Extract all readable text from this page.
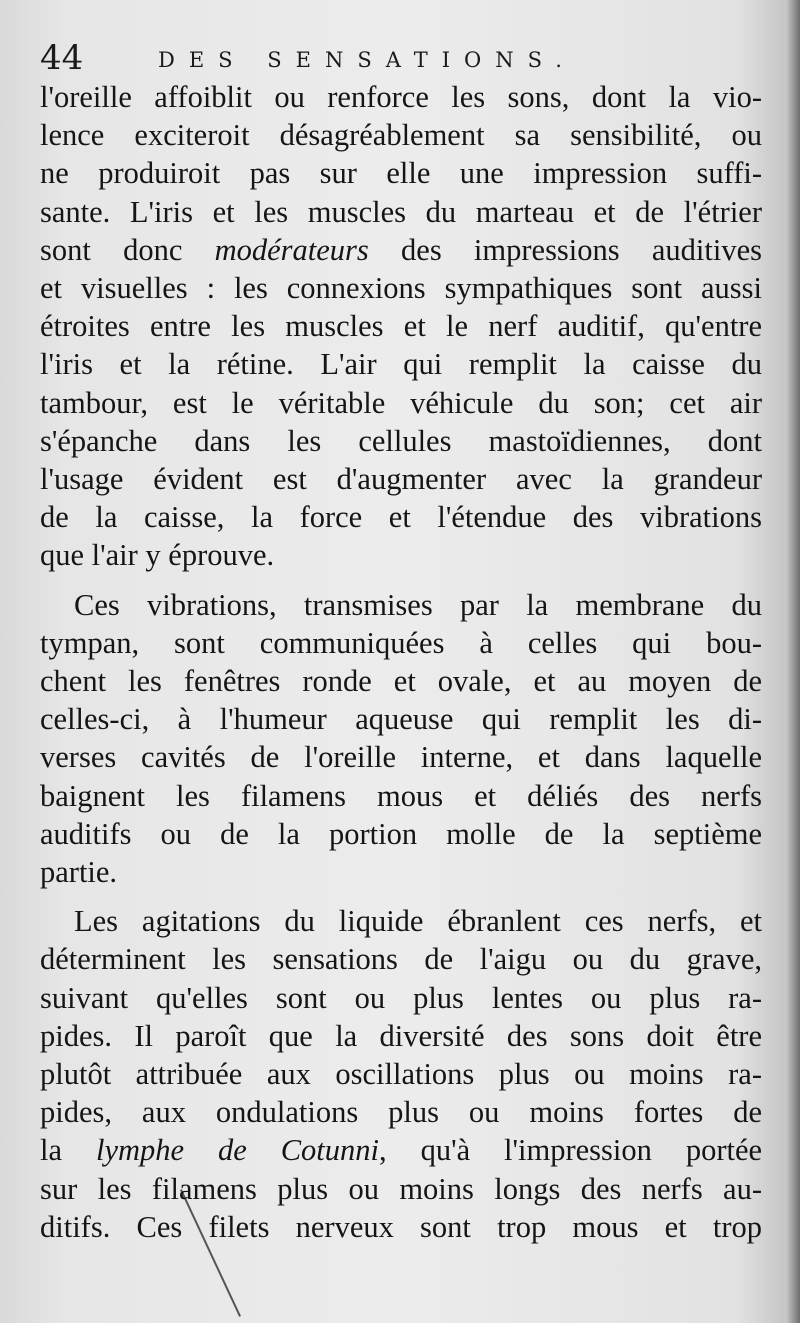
44	DES SENSATIONS.
l'oreille affoiblit ou renforce les sons, dont la vio-
lence exciteroit désagréablement sa sensibilité, ou
ne produiroit pas sur elle une impression suffi-
sante. L'iris et les muscles du marteau et de l'étrier
sont donc modérateurs des impressions auditives
et visuelles : les connexions sympathiques sont aussi
étroites entre les muscles et le nerf auditif, qu'entre
l'iris et la rétine. L'air qui remplit la caisse du
tambour, est le véritable véhicule du son; cet air
s'épanche dans les cellules mastoïdiennes, dont
l'usage évident est d'augmenter avec la grandeur
de la caisse, la force et l'étendue des vibrations
que l'air y éprouve.
Ces vibrations, transmises par la membrane du
tympan, sont communiquées à celles qui bou-
chent les fenêtres ronde et ovale, et au moyen de
celles-ci, à l'humeur aqueuse qui remplit les di-
verses cavités de l'oreille interne, et dans laquelle
baignent les filamens mous et déliés des nerfs
auditifs ou de la portion molle de la septième
partie.
Les agitations du liquide ébranlent ces nerfs, et
déterminent les sensations de l'aigu ou du grave,
suivant qu'elles sont ou plus lentes ou plus ra-
pides. Il paroît que la diversité des sons doit être
plutôt attribuée aux oscillations plus ou moins ra-
pides, aux ondulations plus ou moins fortes de
la lymphe de Cotunni, qu'à l'impression portée
sur les filamens plus ou moins longs des nerfs au-
ditifs. Ces filets nerveux sont trop mous et trop
